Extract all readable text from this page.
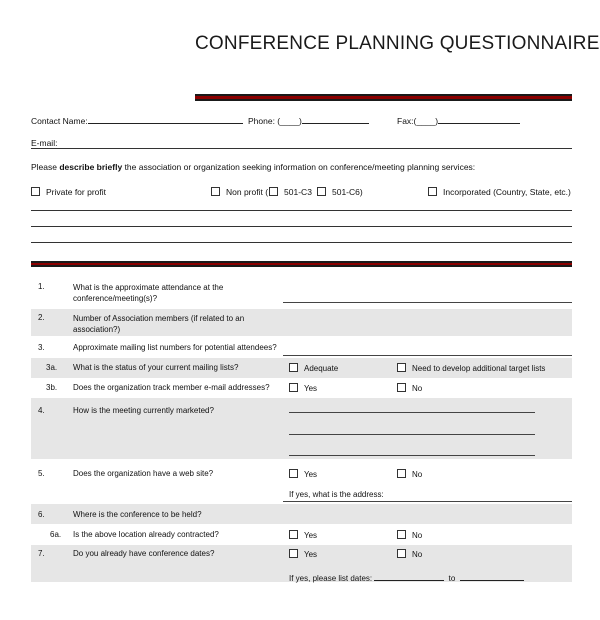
CONFERENCE PLANNING QUESTIONNAIRE
Contact Name:	Phone: (____)	Fax:(____)
E-mail:
Please describe briefly the association or organization seeking information on conference/meeting planning services:
Private for profit	Non profit ( 501-C3	501-C6)	Incorporated (Country, State, etc.)
1.	What is the approximate attendance at the conference/meeting(s)?
2.	Number of Association members (if related to an association?)
3.	Approximate mailing list numbers for potential attendees?
3a. What is the status of your current mailing lists?	Adequate	Need to develop additional target lists
3b. Does the organization track member e-mail addresses?	Yes	No
4.	How is the meeting currently marketed?
5.	Does the organization have a web site?	Yes	No
If yes, what is the address:
6.	Where is the conference to be held?
6a. Is the above location already contracted?	Yes	No
7.	Do you already have conference dates?	Yes	No
If yes, please list dates:	to
